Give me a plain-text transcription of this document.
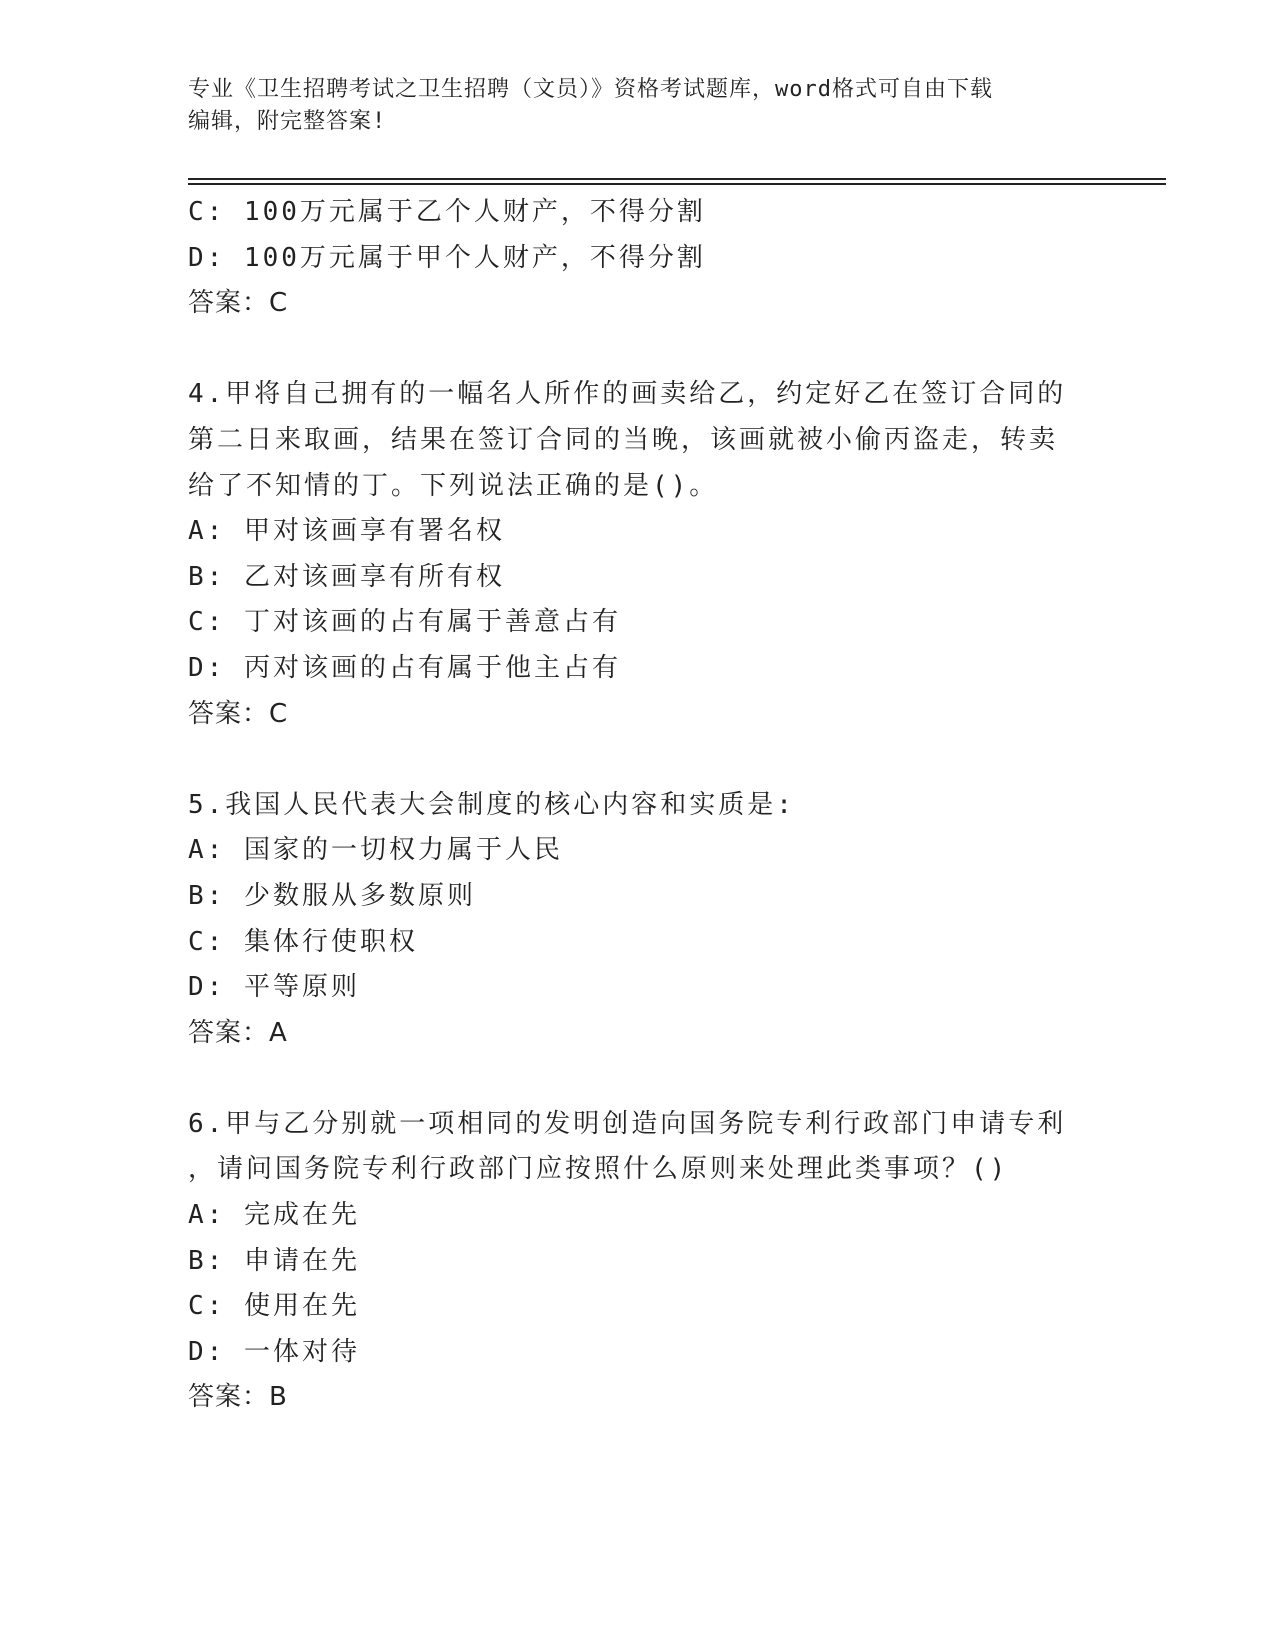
专业《卫生招聘考试之卫生招聘（文员）》资格考试题库，word格式可自由下载
编辑，附完整答案!
C: 100万元属于乙个人财产，不得分割
D: 100万元属于甲个人财产，不得分割
答案：C
4.甲将自己拥有的一幅名人所作的画卖给乙，约定好乙在签订合同的
第二日来取画，结果在签订合同的当晚，该画就被小偷丙盗走，转卖
给了不知情的丁。下列说法正确的是()。
A: 甲对该画享有署名权
B: 乙对该画享有所有权
C: 丁对该画的占有属于善意占有
D: 丙对该画的占有属于他主占有
答案：C
5.我国人民代表大会制度的核心内容和实质是:
A: 国家的一切权力属于人民
B: 少数服从多数原则
C: 集体行使职权
D: 平等原则
答案：A
6.甲与乙分别就一项相同的发明创造向国务院专利行政部门申请专利
，请问国务院专利行政部门应按照什么原则来处理此类事项？()
A: 完成在先
B: 申请在先
C: 使用在先
D: 一体对待
答案：B
